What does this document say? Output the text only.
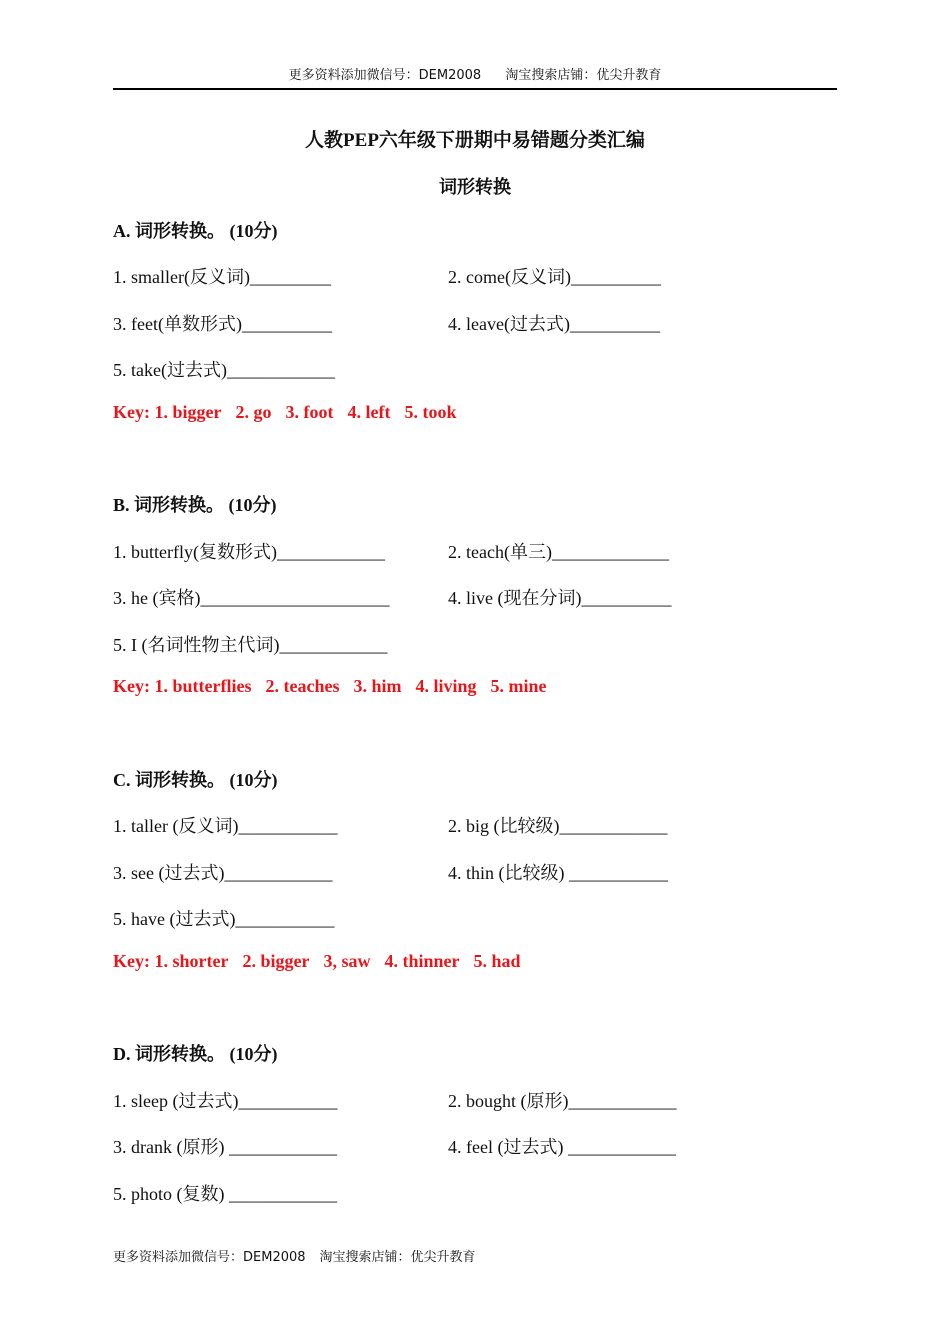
更多资料添加微信号：DEM2008 淘宝搜索店铺：优尖升教育
人教PEP六年级下册期中易错题分类汇编
词形转换
A. 词形转换。 (10分)
1. smaller(反义词)_________	2. come(反义词)__________
3. feet(单数形式)__________	4. leave(过去式)__________
5. take(过去式)____________
Key: 1. bigger 2. go 3. foot 4. left 5. took
B. 词形转换。 (10分)
1. butterfly(复数形式)____________	2. teach(单三)_____________
3. he (宾格)_____________________	4. live (现在分词)__________
5. I (名词性物主代词)____________
Key: 1. butterflies 2. teaches 3. him 4. living 5. mine
C. 词形转换。 (10分)
1. taller (反义词)___________	2. big (比较级)____________
3. see (过去式)____________	4. thin (比较级) ___________
5. have (过去式)___________
Key: 1. shorter 2. bigger 3, saw 4. thinner 5. had
D. 词形转换。 (10分)
1. sleep (过去式)___________	2. bought (原形)____________
3. drank (原形) ____________	4. feel (过去式) ____________
5. photo (复数) ____________
更多资料添加微信号：DEM2008 淘宝搜索店铺：优尖升教育
